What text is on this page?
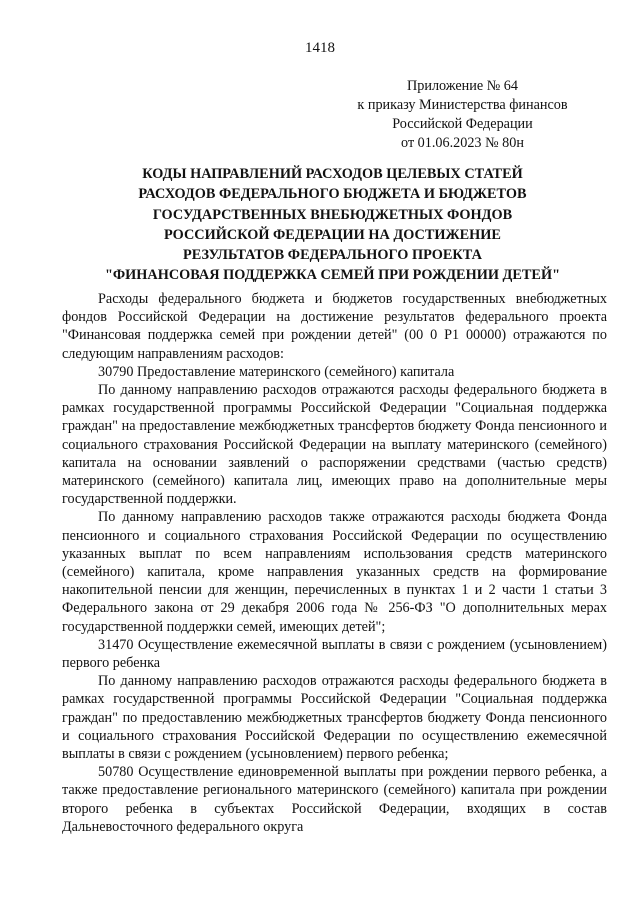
1418
Приложение № 64
к приказу Министерства финансов
Российской Федерации
от 01.06.2023 № 80н
КОДЫ НАПРАВЛЕНИЙ РАСХОДОВ ЦЕЛЕВЫХ СТАТЕЙ
РАСХОДОВ ФЕДЕРАЛЬНОГО БЮДЖЕТА И БЮДЖЕТОВ
ГОСУДАРСТВЕННЫХ ВНЕБЮДЖЕТНЫХ ФОНДОВ
РОССИЙСКОЙ ФЕДЕРАЦИИ НА ДОСТИЖЕНИЕ
РЕЗУЛЬТАТОВ ФЕДЕРАЛЬНОГО ПРОЕКТА
"ФИНАНСОВАЯ ПОДДЕРЖКА СЕМЕЙ ПРИ РОЖДЕНИИ ДЕТЕЙ"

Расходы федерального бюджета и бюджетов государственных внебюджетных фондов Российской Федерации на достижение результатов федерального проекта "Финансовая поддержка семей при рождении детей" (00 0 Р1 00000) отражаются по следующим направлениям расходов:

30790 Предоставление материнского (семейного) капитала

По данному направлению расходов отражаются расходы федерального бюджета в рамках государственной программы Российской Федерации "Социальная поддержка граждан" на предоставление межбюджетных трансфертов бюджету Фонда пенсионного и социального страхования Российской Федерации на выплату материнского (семейного) капитала на основании заявлений о распоряжении средствами (частью средств) материнского (семейного) капитала лиц, имеющих право на дополнительные меры государственной поддержки.

По данному направлению расходов также отражаются расходы бюджета Фонда пенсионного и социального страхования Российской Федерации по осуществлению указанных выплат по всем направлениям использования средств материнского (семейного) капитала, кроме направления указанных средств на формирование накопительной пенсии для женщин, перечисленных в пунктах 1 и 2 части 1 статьи 3 Федерального закона от 29 декабря 2006 года № 256-ФЗ "О дополнительных мерах государственной поддержки семей, имеющих детей";

31470 Осуществление ежемесячной выплаты в связи с рождением (усыновлением) первого ребенка

По данному направлению расходов отражаются расходы федерального бюджета в рамках государственной программы Российской Федерации "Социальная поддержка граждан" по предоставлению межбюджетных трансфертов бюджету Фонда пенсионного и социального страхования Российской Федерации по осуществлению ежемесячной выплаты в связи с рождением (усыновлением) первого ребенка;

50780 Осуществление единовременной выплаты при рождении первого ребенка, а также предоставление регионального материнского (семейного) капитала при рождении второго ребенка в субъектах Российской Федерации, входящих в состав Дальневосточного федерального округа
